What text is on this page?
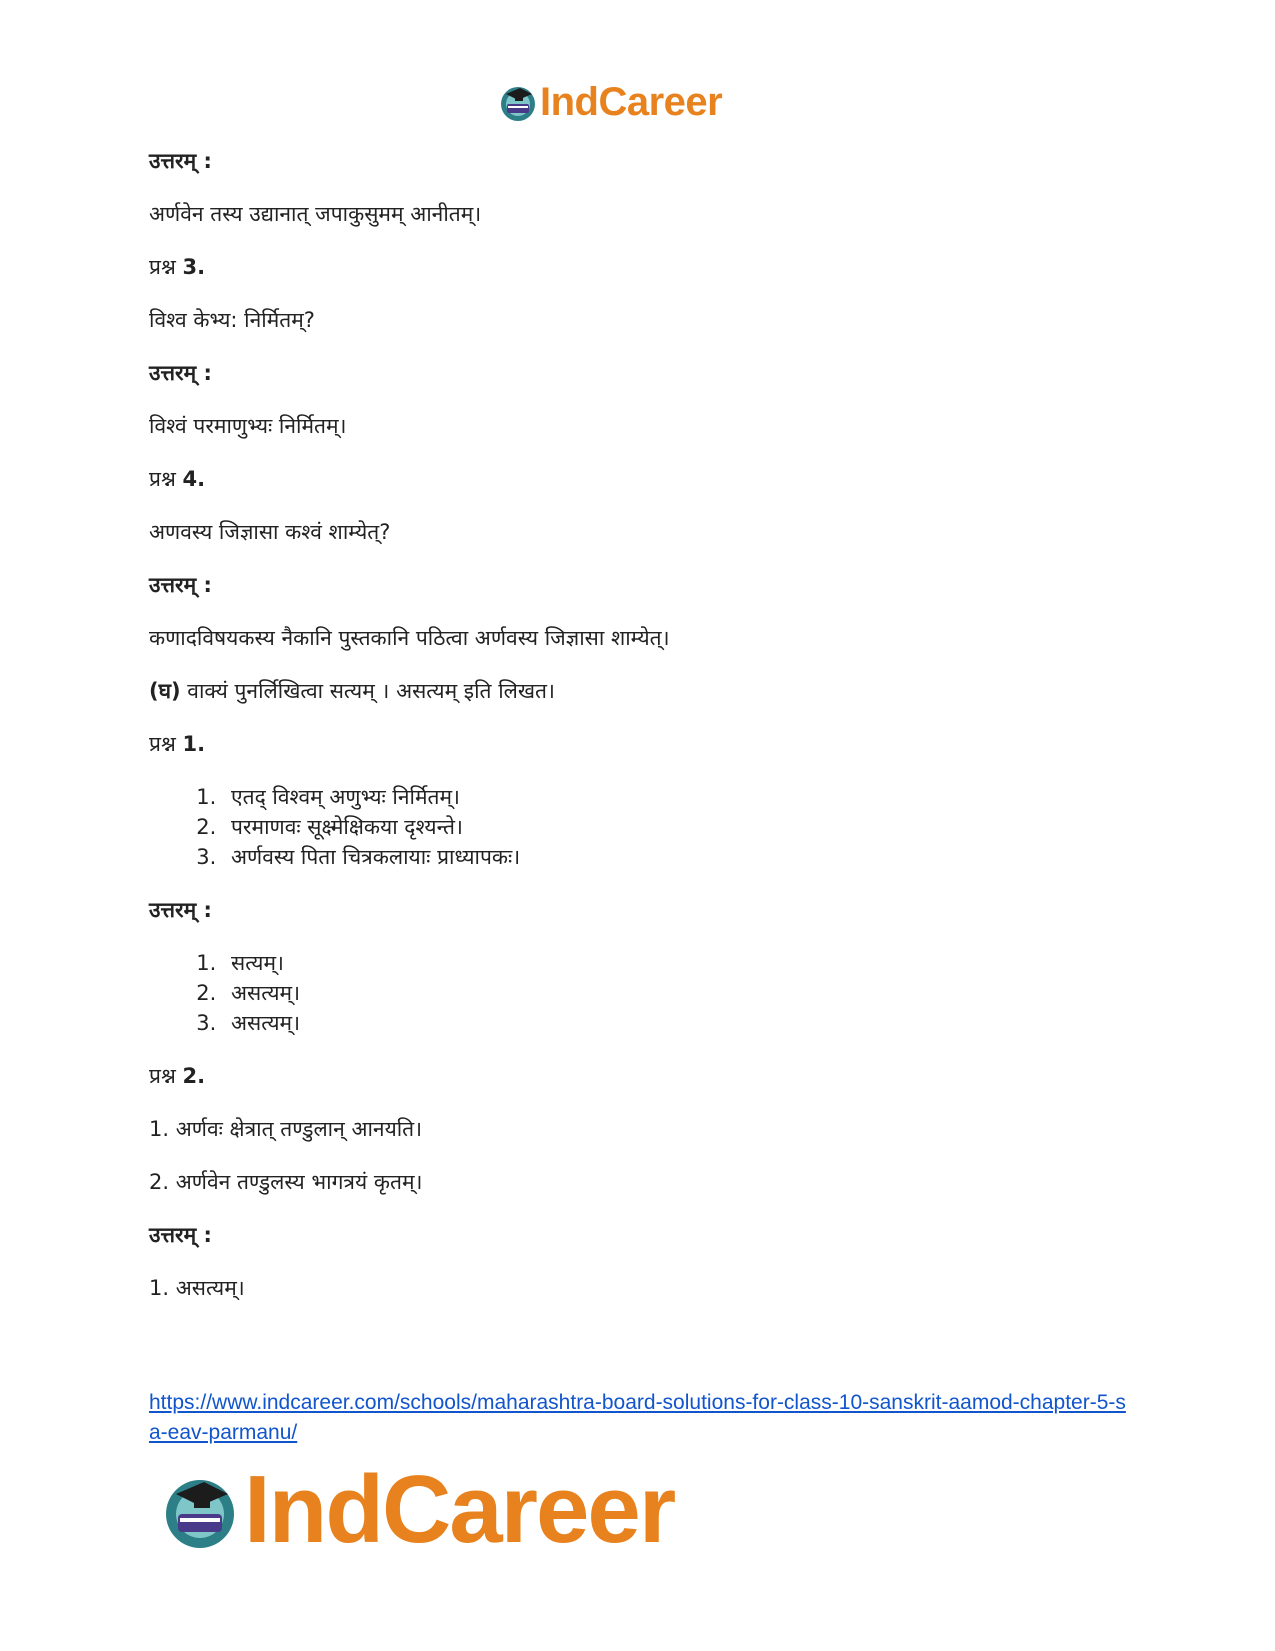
IndCareer

उत्तरम् :

अर्णवेन तस्य उद्यानात् जपाकुसुमम् आनीतम्।

प्रश्न 3.

विश्व केभ्य: निर्मितम्?

उत्तरम् :

विश्वं परमाणुभ्यः निर्मितम्।

प्रश्न 4.

अणवस्य जिज्ञासा कश्वं शाम्येत्?

उत्तरम् :

कणादविषयकस्य नैकानि पुस्तकानि पठित्वा अर्णवस्य जिज्ञासा शाम्येत्।

(घ) वाक्यं पुनर्लिखित्वा सत्यम् । असत्यम् इति लिखत।

प्रश्न 1.

1. एतद् विश्वम् अणुभ्यः निर्मितम्।
2. परमाणवः सूक्ष्मेक्षिकया दृश्यन्ते।
3. अर्णवस्य पिता चित्रकलायाः प्राध्यापकः।

उत्तरम् :

1. सत्यम्।
2. असत्यम्।
3. असत्यम्।

प्रश्न 2.

1. अर्णवः क्षेत्रात् तण्डुलान् आनयति।

2. अर्णवेन तण्डुलस्य भागत्रयं कृतम्।

उत्तरम् :

1. असत्यम्।

https://www.indcareer.com/schools/maharashtra-board-solutions-for-class-10-sanskrit-aamod-chapter-5-sa-eav-parmanu/
IndCareer
